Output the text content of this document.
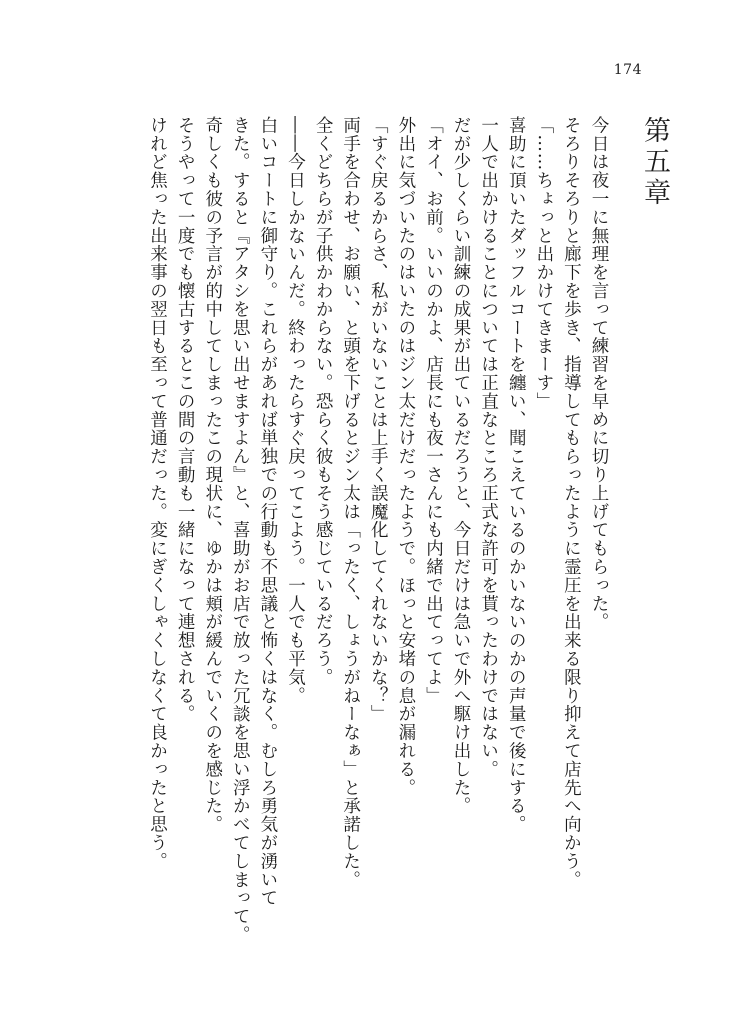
174
第五章

今日は夜一に無理を言って練習を早めに切り上げてもらった。

そろりそろりと廊下を歩き、指導してもらったように霊圧を出来る限り抑えて店先へ向かう。

「……ちょっと出かけてきまーす」

喜助に頂いたダッフルコートを纏い、聞こえているのかいないのかの声量で後にする。

一人で出かけることについては正直なところ正式な許可を貰ったわけではない。

だが少しくらい訓練の成果が出ているだろうと、今日だけは急いで外へ駆け出した。

「オイ、お前。いいのかよ、店長にも夜一さんにも内緒で出てってよ」

外出に気づいたのはいたのはジン太だけだったようで。ほっと安堵の息が漏れる。

「すぐ戻るからさ、私がいないことは上手く誤魔化してくれないかな？」

両手を合わせ、お願い、と頭を下げるとジン太は「ったく、しょうがねーなぁ」と承諾した。

全くどちらが子供かわからない。恐らく彼もそう感じているだろう。

――今日しかないんだ。終わったらすぐ戻ってこよう。一人でも平気。

白いコートに御守り。これらがあれば単独での行動も不思議と怖くはなく。むしろ勇気が湧いて

きた。すると『アタシを思い出せますよん』と、喜助がお店で放った冗談を思い浮かべてしまって。

奇しくも彼の予言が的中してしまったこの現状に、ゆかは頬が緩んでいくのを感じた。

そうやって一度でも懐古するとこの間の言動も一緒になって連想される。

けれど焦った出来事の翌日も至って普通だった。変にぎくしゃくしなくて良かったと思う。
